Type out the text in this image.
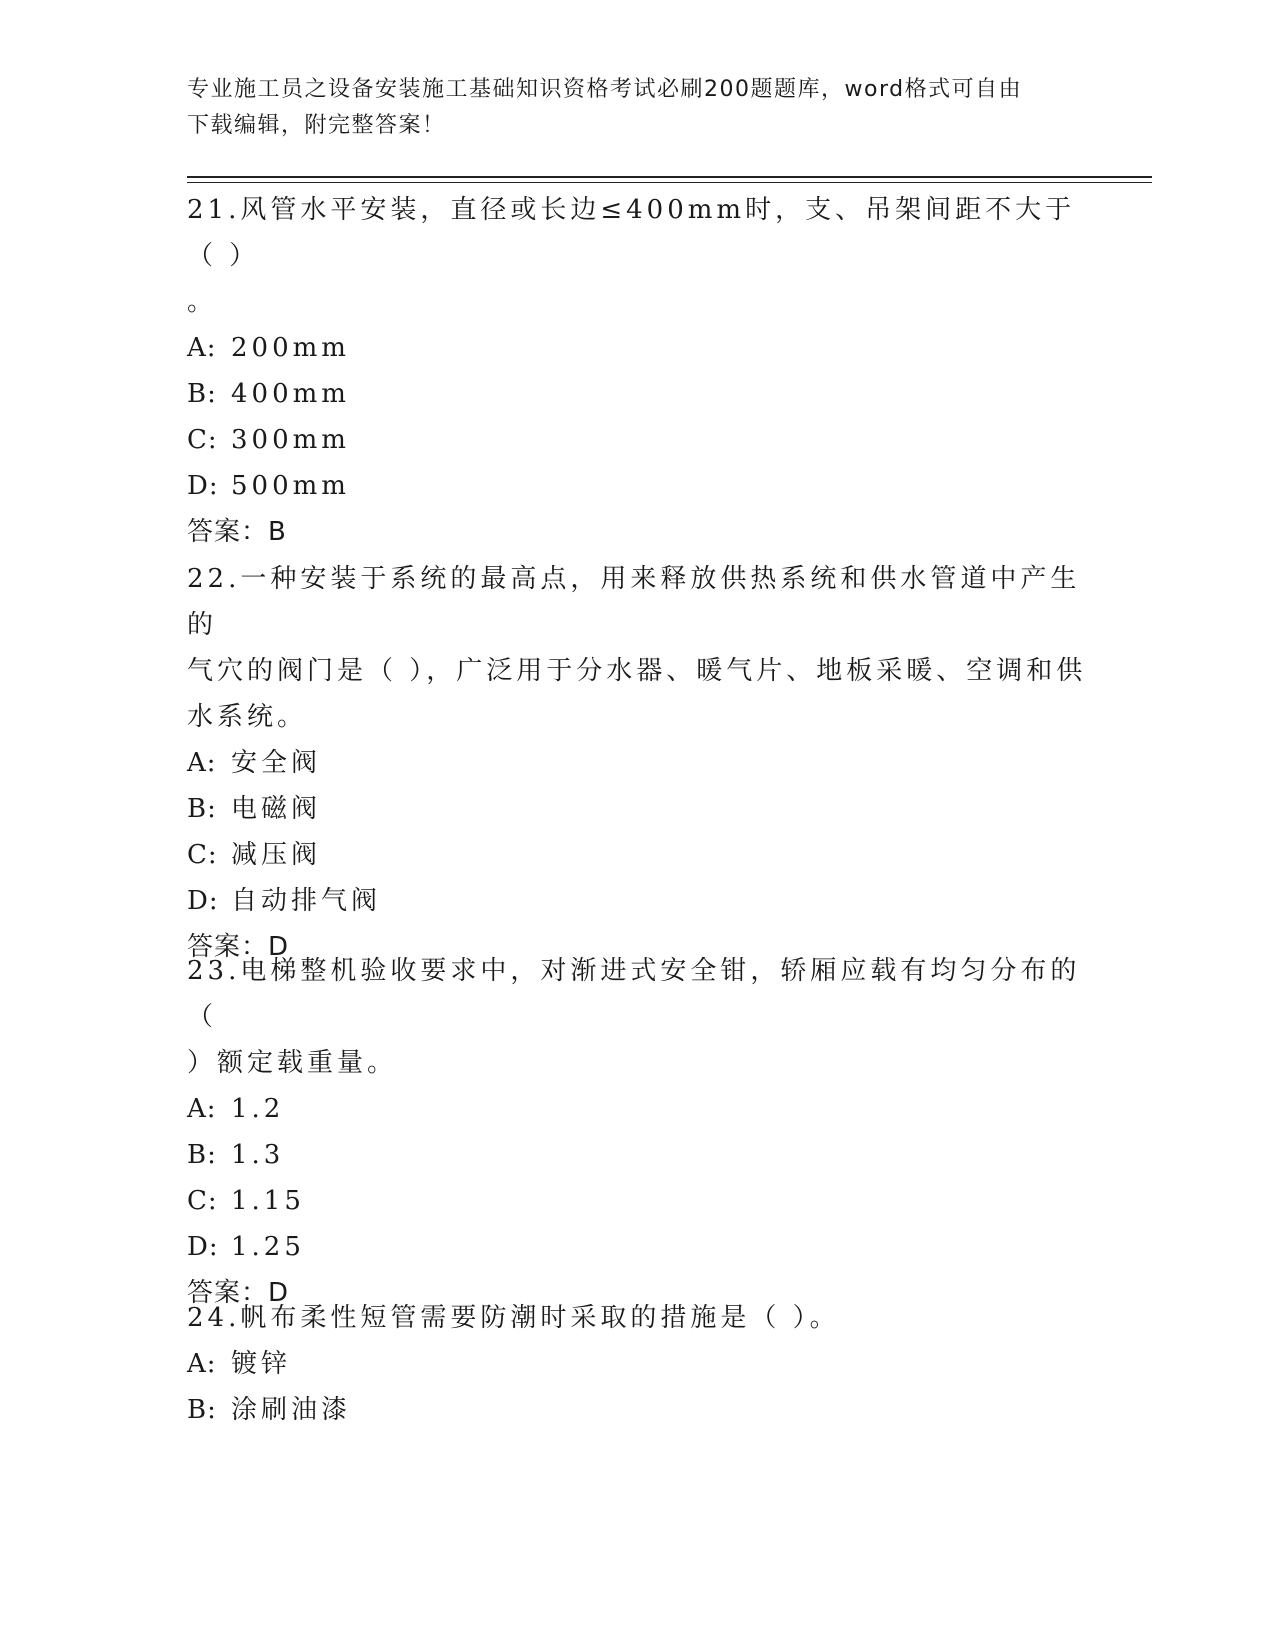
专业施工员之设备安装施工基础知识资格考试必刷200题题库，word格式可自由
下载编辑，附完整答案！
21.风管水平安装，直径或长边≤400mm时，支、吊架间距不大于（ ）
。
A: 200mm
B: 400mm
C: 300mm
D: 500mm
答案：B
22.一种安装于系统的最高点，用来释放供热系统和供水管道中产生的
气穴的阀门是（ ），广泛用于分水器、暖气片、地板采暖、空调和供
水系统。
A: 安全阀
B: 电磁阀
C: 减压阀
D: 自动排气阀
答案：D
23.电梯整机验收要求中，对渐进式安全钳，轿厢应载有均匀分布的（
）额定载重量。
A: 1.2
B: 1.3
C: 1.15
D: 1.25
答案：D
24.帆布柔性短管需要防潮时采取的措施是（ ）。
A: 镀锌
B: 涂刷油漆
